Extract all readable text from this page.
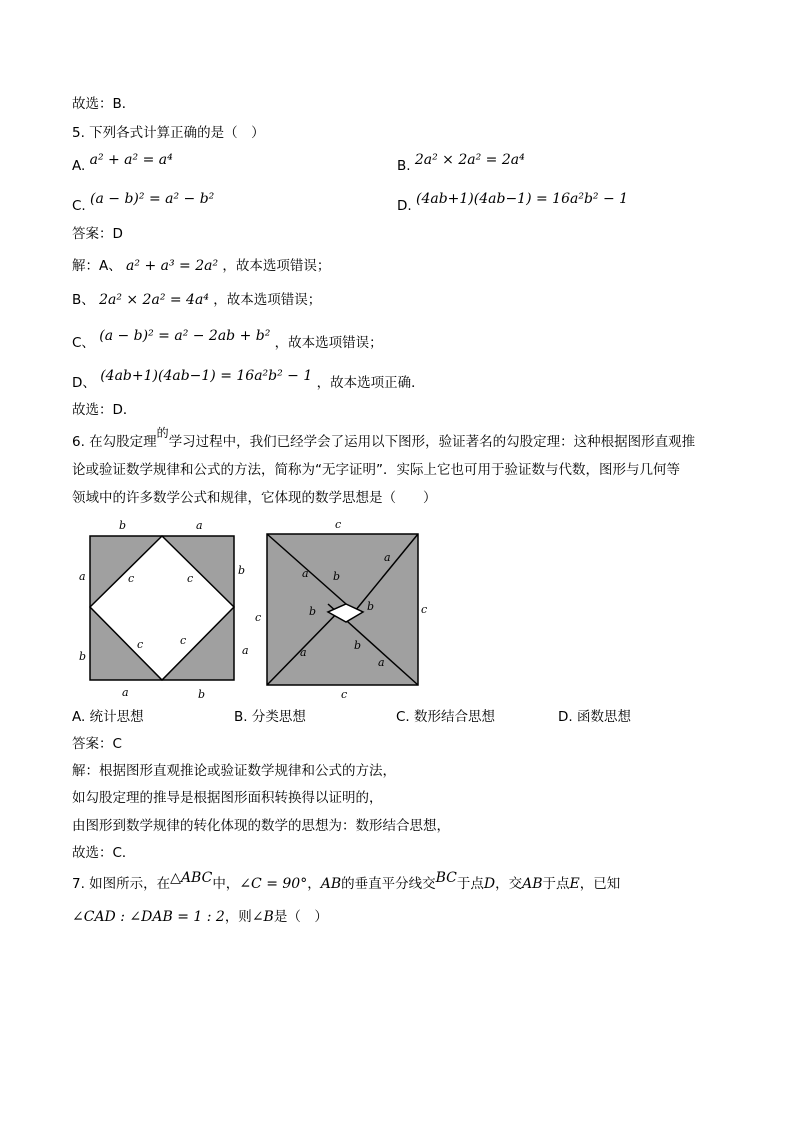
故选：B．
5. 下列各式计算正确的是（　）
A. a² + a² = a⁴	B. 2a² × 2a² = 2a⁴
C. (a − b)² = a² − b²	D. (4ab+1)(4ab−1) = 16a²b² − 1
答案：D
解：A、 a² + a³ = 2a² ，故本选项错误；
B、 2a² × 2a² = 4a⁴ ，故本选项错误；
C、 (a − b)² = a² − 2ab + b² ，故本选项错误；
D、 (4ab+1)(4ab−1) = 16a²b² − 1 ，故本选项正确．
故选：D．
6. 在勾股定理的学习过程中，我们已经学会了运用以下图形，验证著名的勾股定理：这种根据图形直观推
论或验证数学规律和公式的方法，简称为“无字证明”．实际上它也可用于验证数与代数，图形与几何等
领域中的许多数学公式和规律，它体现的数学思想是（　　）
b	a
a	b
b	a
a	b
c	c
c	c
c
c
c
c
a
a
a
a
b
b	b
b
A. 统计思想	B. 分类思想	C. 数形结合思想	D. 函数思想
答案：C
解：根据图形直观推论或验证数学规律和公式的方法，
如勾股定理的推导是根据图形面积转换得以证明的，
由图形到数学规律的转化体现的数学的思想为：数形结合思想，
故选：C．
7. 如图所示，在△ABC中，∠C = 90°，AB的垂直平分线交BC于点D，交AB于点E，已知
∠CAD : ∠DAB = 1 : 2，则∠B是（　）
